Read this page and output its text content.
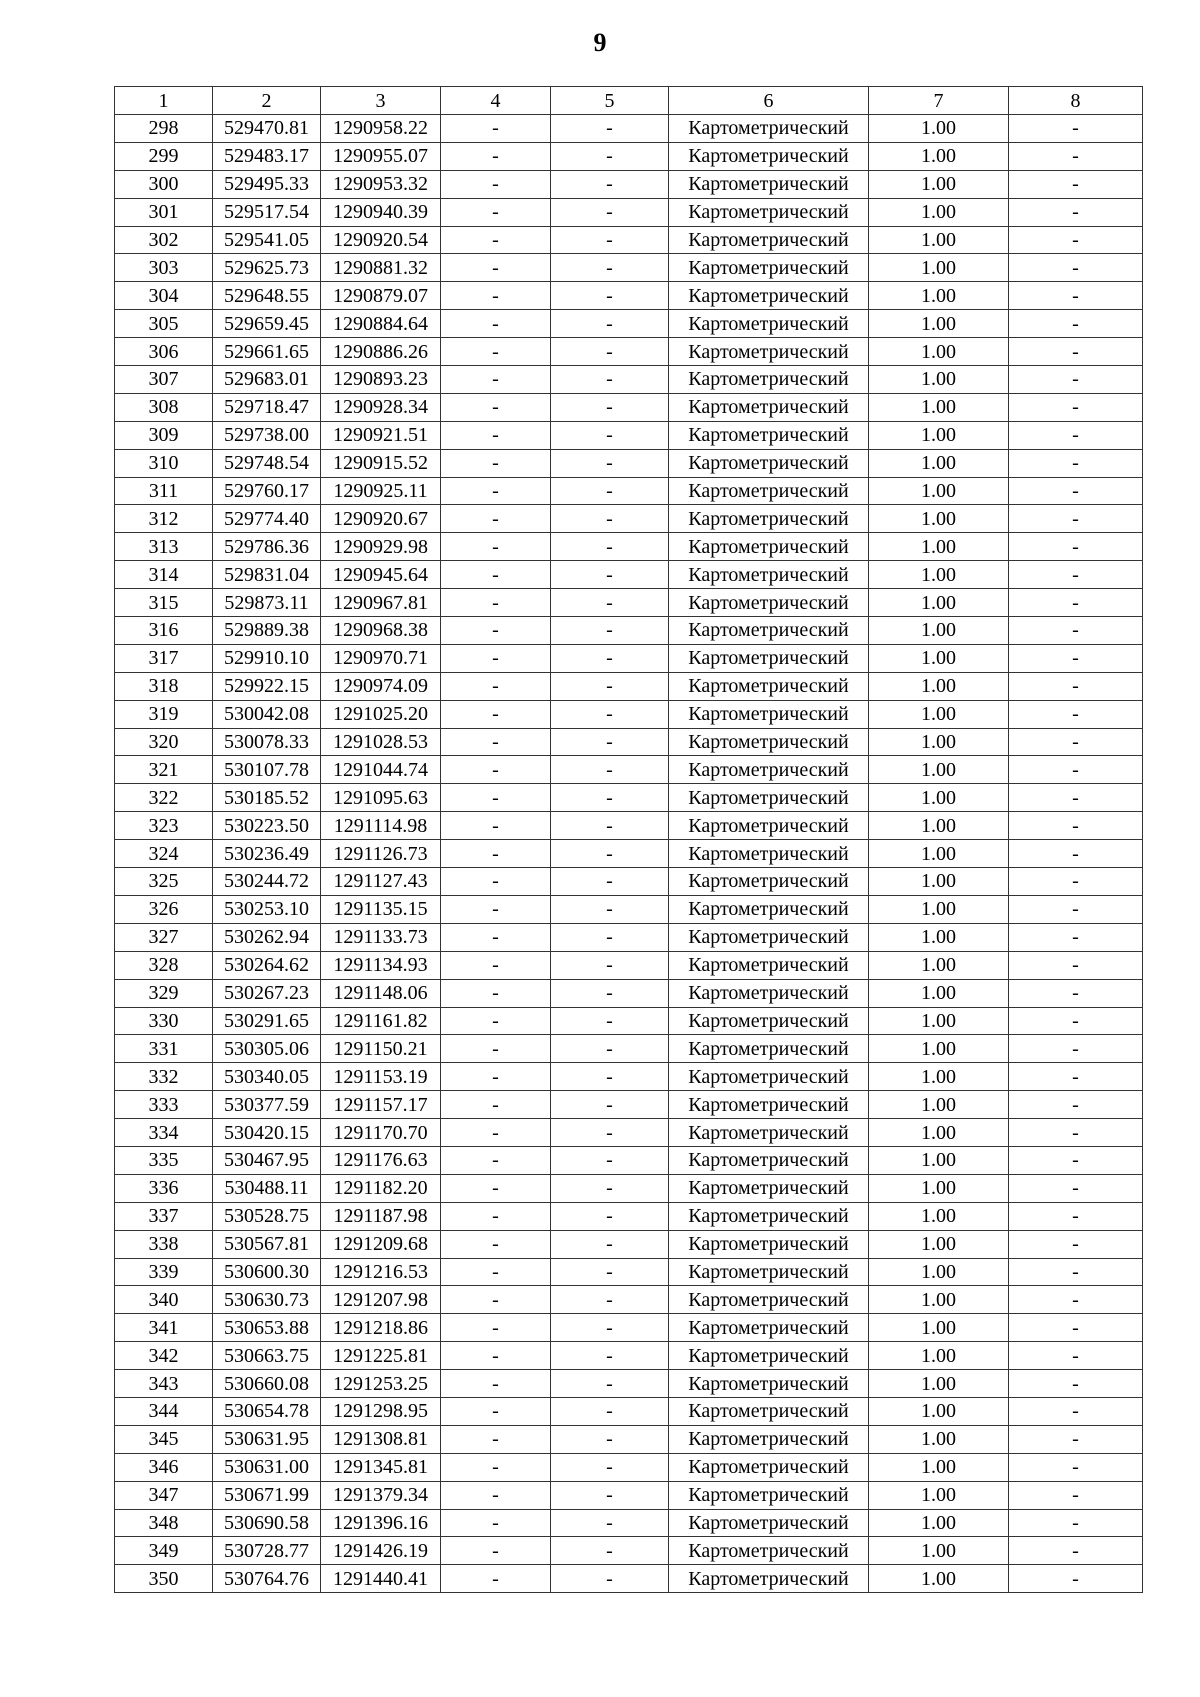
9
1	2	3	4	5	6	7	8
298	529470.81	1290958.22	-	-	Картометрический	1.00	-
299	529483.17	1290955.07	-	-	Картометрический	1.00	-
300	529495.33	1290953.32	-	-	Картометрический	1.00	-
301	529517.54	1290940.39	-	-	Картометрический	1.00	-
302	529541.05	1290920.54	-	-	Картометрический	1.00	-
303	529625.73	1290881.32	-	-	Картометрический	1.00	-
304	529648.55	1290879.07	-	-	Картометрический	1.00	-
305	529659.45	1290884.64	-	-	Картометрический	1.00	-
306	529661.65	1290886.26	-	-	Картометрический	1.00	-
307	529683.01	1290893.23	-	-	Картометрический	1.00	-
308	529718.47	1290928.34	-	-	Картометрический	1.00	-
309	529738.00	1290921.51	-	-	Картометрический	1.00	-
310	529748.54	1290915.52	-	-	Картометрический	1.00	-
311	529760.17	1290925.11	-	-	Картометрический	1.00	-
312	529774.40	1290920.67	-	-	Картометрический	1.00	-
313	529786.36	1290929.98	-	-	Картометрический	1.00	-
314	529831.04	1290945.64	-	-	Картометрический	1.00	-
315	529873.11	1290967.81	-	-	Картометрический	1.00	-
316	529889.38	1290968.38	-	-	Картометрический	1.00	-
317	529910.10	1290970.71	-	-	Картометрический	1.00	-
318	529922.15	1290974.09	-	-	Картометрический	1.00	-
319	530042.08	1291025.20	-	-	Картометрический	1.00	-
320	530078.33	1291028.53	-	-	Картометрический	1.00	-
321	530107.78	1291044.74	-	-	Картометрический	1.00	-
322	530185.52	1291095.63	-	-	Картометрический	1.00	-
323	530223.50	1291114.98	-	-	Картометрический	1.00	-
324	530236.49	1291126.73	-	-	Картометрический	1.00	-
325	530244.72	1291127.43	-	-	Картометрический	1.00	-
326	530253.10	1291135.15	-	-	Картометрический	1.00	-
327	530262.94	1291133.73	-	-	Картометрический	1.00	-
328	530264.62	1291134.93	-	-	Картометрический	1.00	-
329	530267.23	1291148.06	-	-	Картометрический	1.00	-
330	530291.65	1291161.82	-	-	Картометрический	1.00	-
331	530305.06	1291150.21	-	-	Картометрический	1.00	-
332	530340.05	1291153.19	-	-	Картометрический	1.00	-
333	530377.59	1291157.17	-	-	Картометрический	1.00	-
334	530420.15	1291170.70	-	-	Картометрический	1.00	-
335	530467.95	1291176.63	-	-	Картометрический	1.00	-
336	530488.11	1291182.20	-	-	Картометрический	1.00	-
337	530528.75	1291187.98	-	-	Картометрический	1.00	-
338	530567.81	1291209.68	-	-	Картометрический	1.00	-
339	530600.30	1291216.53	-	-	Картометрический	1.00	-
340	530630.73	1291207.98	-	-	Картометрический	1.00	-
341	530653.88	1291218.86	-	-	Картометрический	1.00	-
342	530663.75	1291225.81	-	-	Картометрический	1.00	-
343	530660.08	1291253.25	-	-	Картометрический	1.00	-
344	530654.78	1291298.95	-	-	Картометрический	1.00	-
345	530631.95	1291308.81	-	-	Картометрический	1.00	-
346	530631.00	1291345.81	-	-	Картометрический	1.00	-
347	530671.99	1291379.34	-	-	Картометрический	1.00	-
348	530690.58	1291396.16	-	-	Картометрический	1.00	-
349	530728.77	1291426.19	-	-	Картометрический	1.00	-
350	530764.76	1291440.41	-	-	Картометрический	1.00	-
